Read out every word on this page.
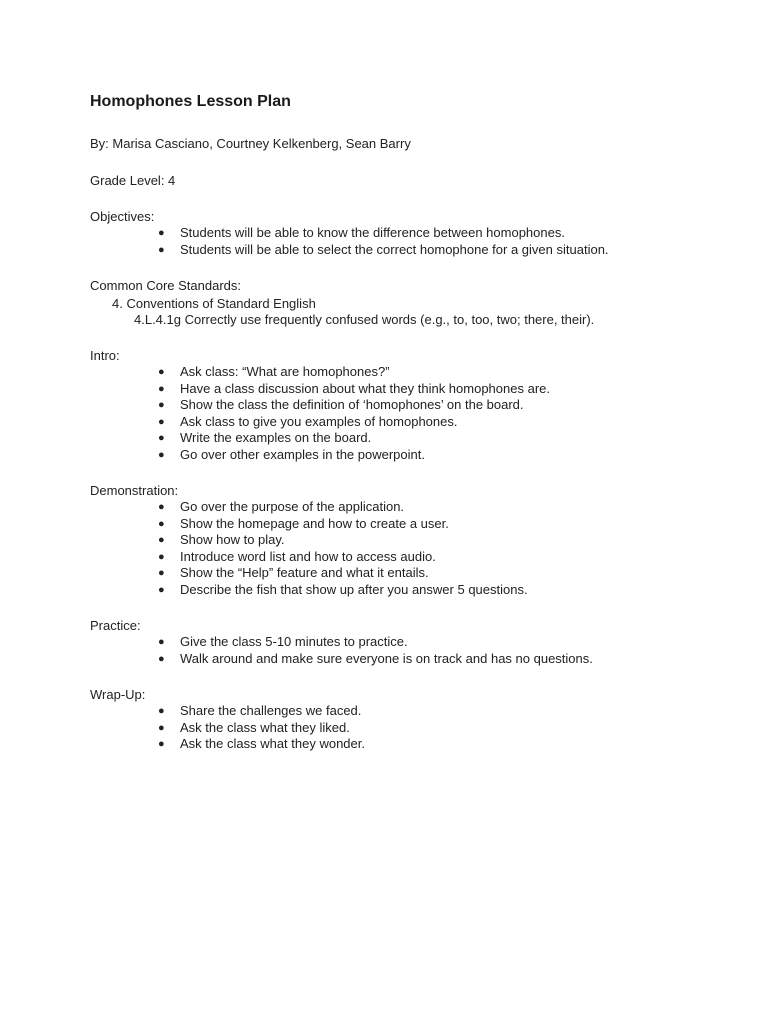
Homophones Lesson Plan

By: Marisa Casciano, Courtney Kelkenberg, Sean Barry

Grade Level: 4

Objectives:

● Students will be able to know the difference between homophones.
● Students will be able to select the correct homophone for a given situation.

Common Core Standards:

4. Conventions of Standard English

4.L.4.1g Correctly use frequently confused words (e.g., to, too, two; there, their).

Intro:

● Ask class: “What are homophones?”
● Have a class discussion about what they think homophones are.
● Show the class the definition of ‘homophones’ on the board.
● Ask class to give you examples of homophones.
● Write the examples on the board.
● Go over other examples in the powerpoint.

Demonstration:

● Go over the purpose of the application.
● Show the homepage and how to create a user.
● Show how to play.
● Introduce word list and how to access audio.
● Show the “Help” feature and what it entails.
● Describe the fish that show up after you answer 5 questions.

Practice:

● Give the class 5-10 minutes to practice.
● Walk around and make sure everyone is on track and has no questions.

Wrap-Up:

● Share the challenges we faced.
● Ask the class what they liked.
● Ask the class what they wonder.
